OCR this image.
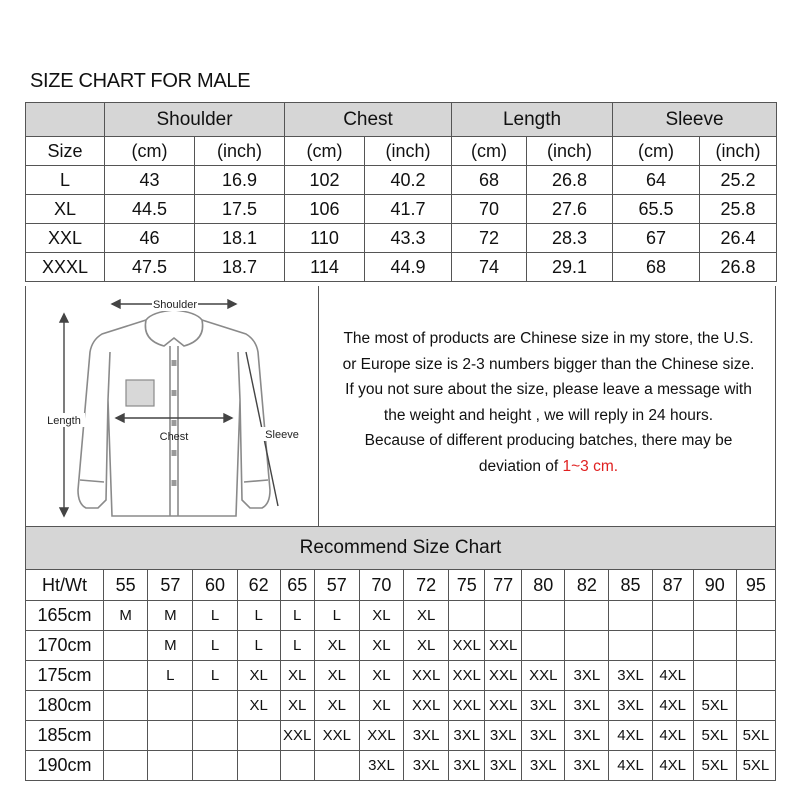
SIZE CHART FOR MALE
	Shoulder		Chest		Length		Sleeve	
Size	(cm)	(inch)	(cm)	(inch)	(cm)	(inch)	(cm)	(inch)
L	43	16.9	102	40.2	68	26.8	64	25.2
XL	44.5	17.5	106	41.7	70	27.6	65.5	25.8
XXL	46	18.1	110	43.3	72	28.3	67	26.4
XXXL	47.5	18.7	114	44.9	74	29.1	68	26.8
Shoulder
Length
Chest	Sleeve
The most of products are Chinese size in my store, the U.S.
or Europe size is 2-3 numbers bigger than the Chinese size.
If you not sure about the size, please leave a message with
the weight and height , we will reply in 24 hours.
Because of different producing batches, there may be
deviation of 1~3 cm.
Recommend Size Chart																
Ht/Wt	55	57	60	62	65	57	70	72	75	77	80	82	85	87	90	95
165cm	M	M	L	L	L	L	XL	XL								
170cm		M	L	L	L	XL	XL	XL	XXL	XXL						
175cm		L	L	XL	XL	XL	XL	XXL	XXL	XXL	XXL	3XL	3XL	4XL		
180cm				XL	XL	XL	XL	XXL	XXL	XXL	3XL	3XL	3XL	4XL	5XL	
185cm					XXL	XXL	XXL	3XL	3XL	3XL	3XL	3XL	4XL	4XL	5XL	5XL
190cm							3XL	3XL	3XL	3XL	3XL	3XL	4XL	4XL	5XL	5XL
